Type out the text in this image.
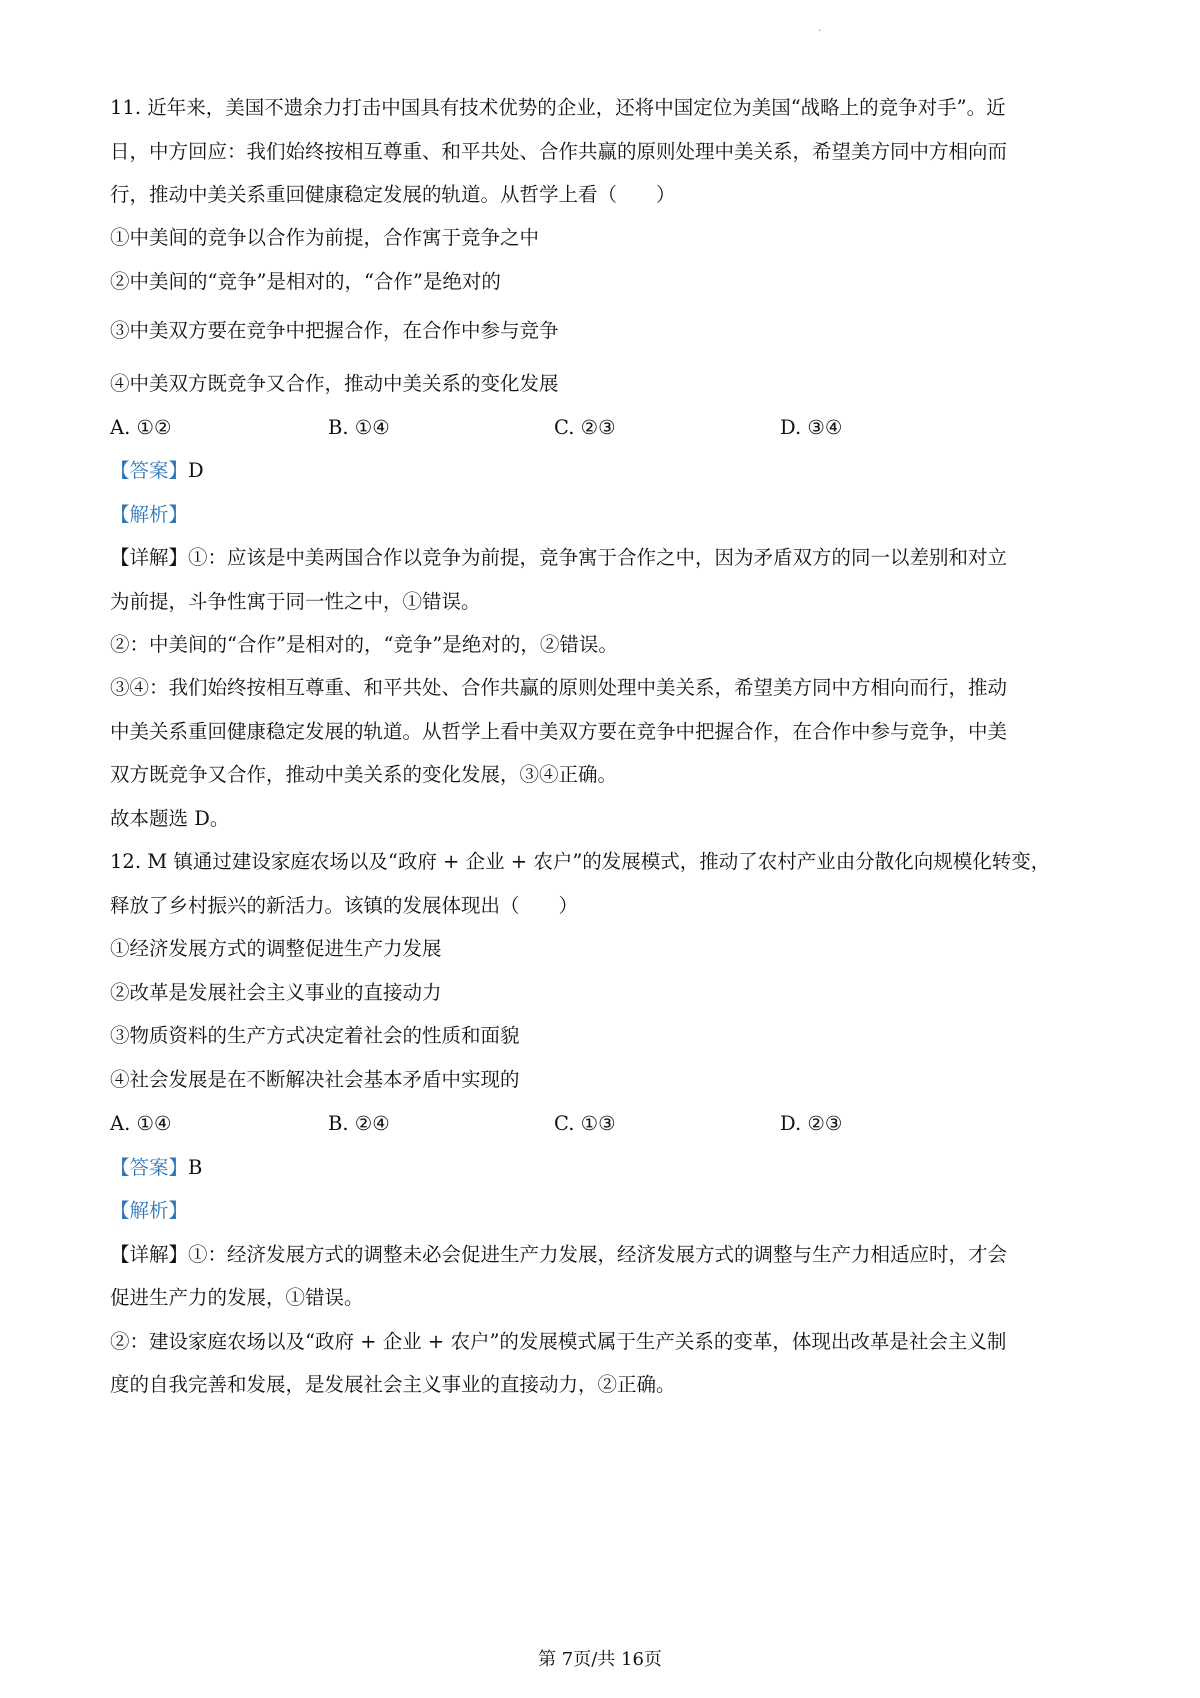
·
11. 近年来，美国不遗余力打击中国具有技术优势的企业，还将中国定位为美国“战略上的竞争对手”。近
日，中方回应：我们始终按相互尊重、和平共处、合作共赢的原则处理中美关系，希望美方同中方相向而
行，推动中美关系重回健康稳定发展的轨道。从哲学上看（　　）
①中美间的竞争以合作为前提，合作寓于竞争之中
②中美间的“竞争”是相对的，“合作”是绝对的
③中美双方要在竞争中把握合作，在合作中参与竞争
④中美双方既竞争又合作，推动中美关系的变化发展
A. ①②	B. ①④	C. ②③	D. ③④
【答案】D
【解析】
【详解】①：应该是中美两国合作以竞争为前提，竞争寓于合作之中，因为矛盾双方的同一以差别和对立
为前提，斗争性寓于同一性之中，①错误。
②：中美间的“合作”是相对的，“竞争”是绝对的，②错误。
③④：我们始终按相互尊重、和平共处、合作共赢的原则处理中美关系，希望美方同中方相向而行，推动
中美关系重回健康稳定发展的轨道。从哲学上看中美双方要在竞争中把握合作，在合作中参与竞争，中美
双方既竞争又合作，推动中美关系的变化发展，③④正确。
故本题选 D。
12. M 镇通过建设家庭农场以及“政府 + 企业 + 农户”的发展模式，推动了农村产业由分散化向规模化转变，
释放了乡村振兴的新活力。该镇的发展体现出（　　）
①经济发展方式的调整促进生产力发展
②改革是发展社会主义事业的直接动力
③物质资料的生产方式决定着社会的性质和面貌
④社会发展是在不断解决社会基本矛盾中实现的
A. ①④	B. ②④	C. ①③	D. ②③
【答案】B
【解析】
【详解】①：经济发展方式的调整未必会促进生产力发展，经济发展方式的调整与生产力相适应时，才会
促进生产力的发展，①错误。
②：建设家庭农场以及“政府 + 企业 + 农户”的发展模式属于生产关系的变革，体现出改革是社会主义制
度的自我完善和发展，是发展社会主义事业的直接动力，②正确。
第 7页/共 16页
